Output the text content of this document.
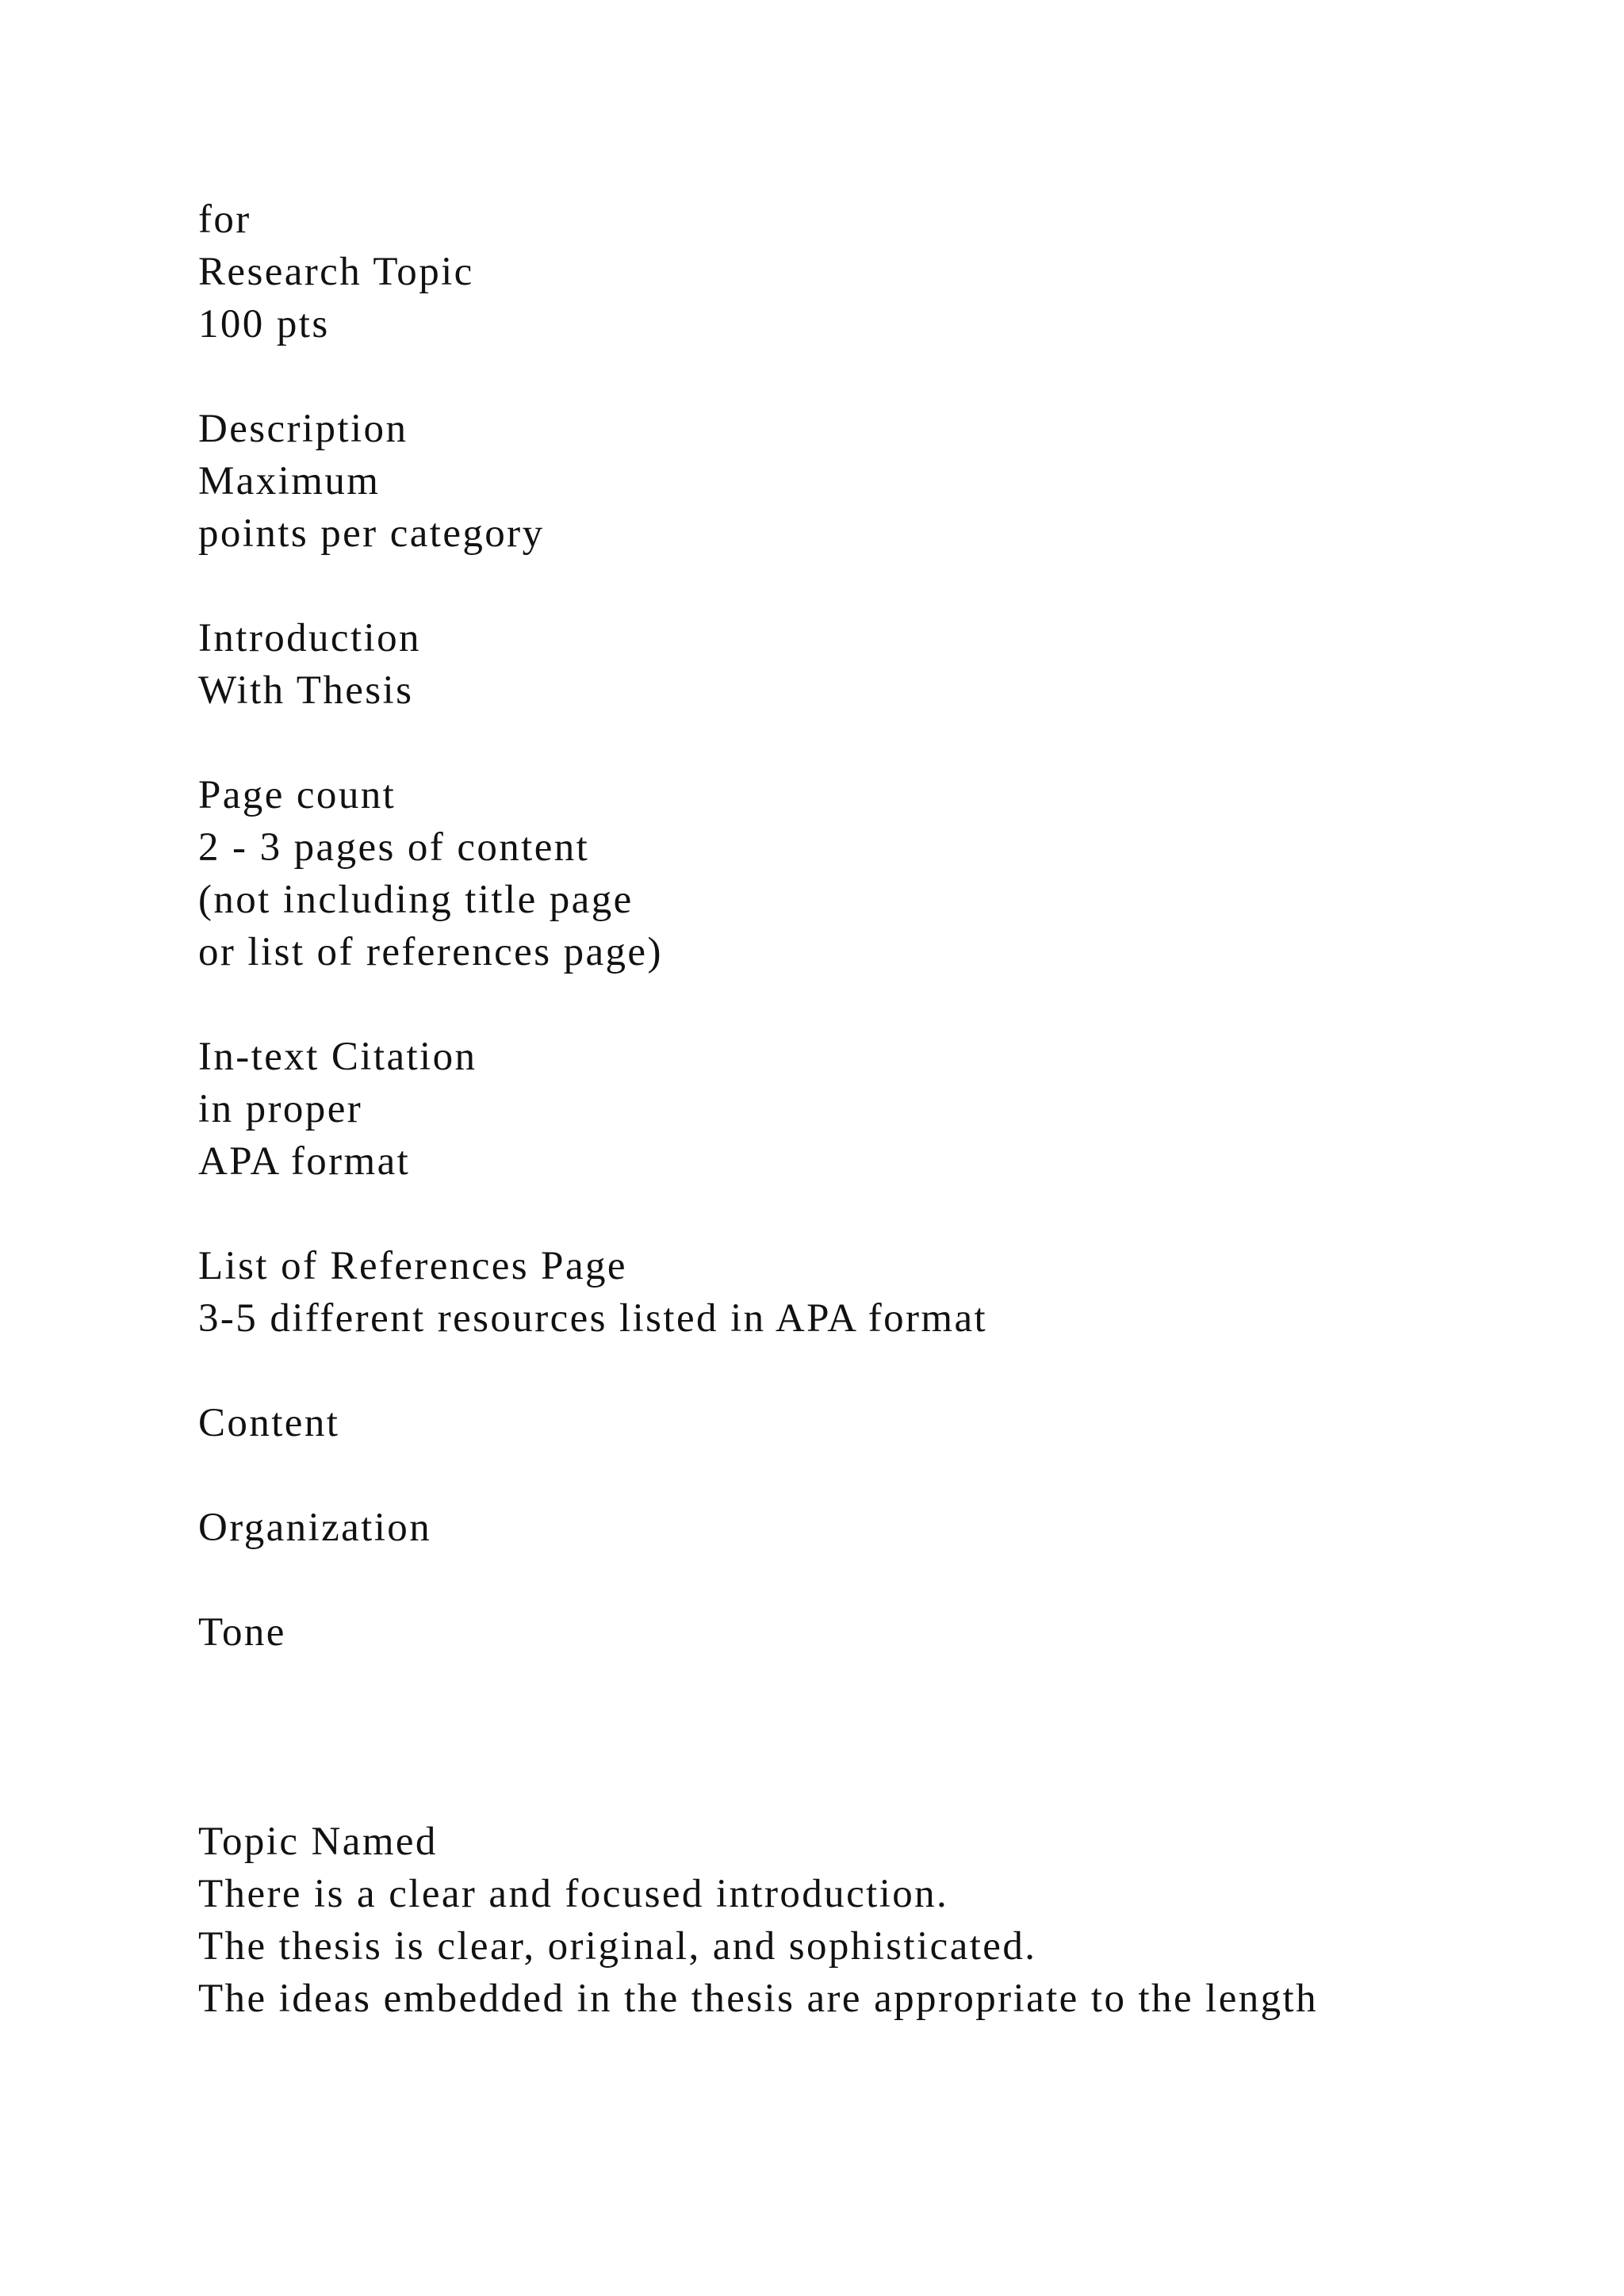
for
Research Topic
100 pts
Description
Maximum
points per category
Introduction
With Thesis
Page count
2 - 3 pages of content
(not including title page
or list of references page)
In-text Citation
in proper
APA format
List of References Page
3-5 different resources listed in APA format
Content
Organization
Tone
Topic Named
There is a clear and focused introduction.
The thesis is clear, original, and sophisticated.
The ideas embedded in the thesis are appropriate to the length
